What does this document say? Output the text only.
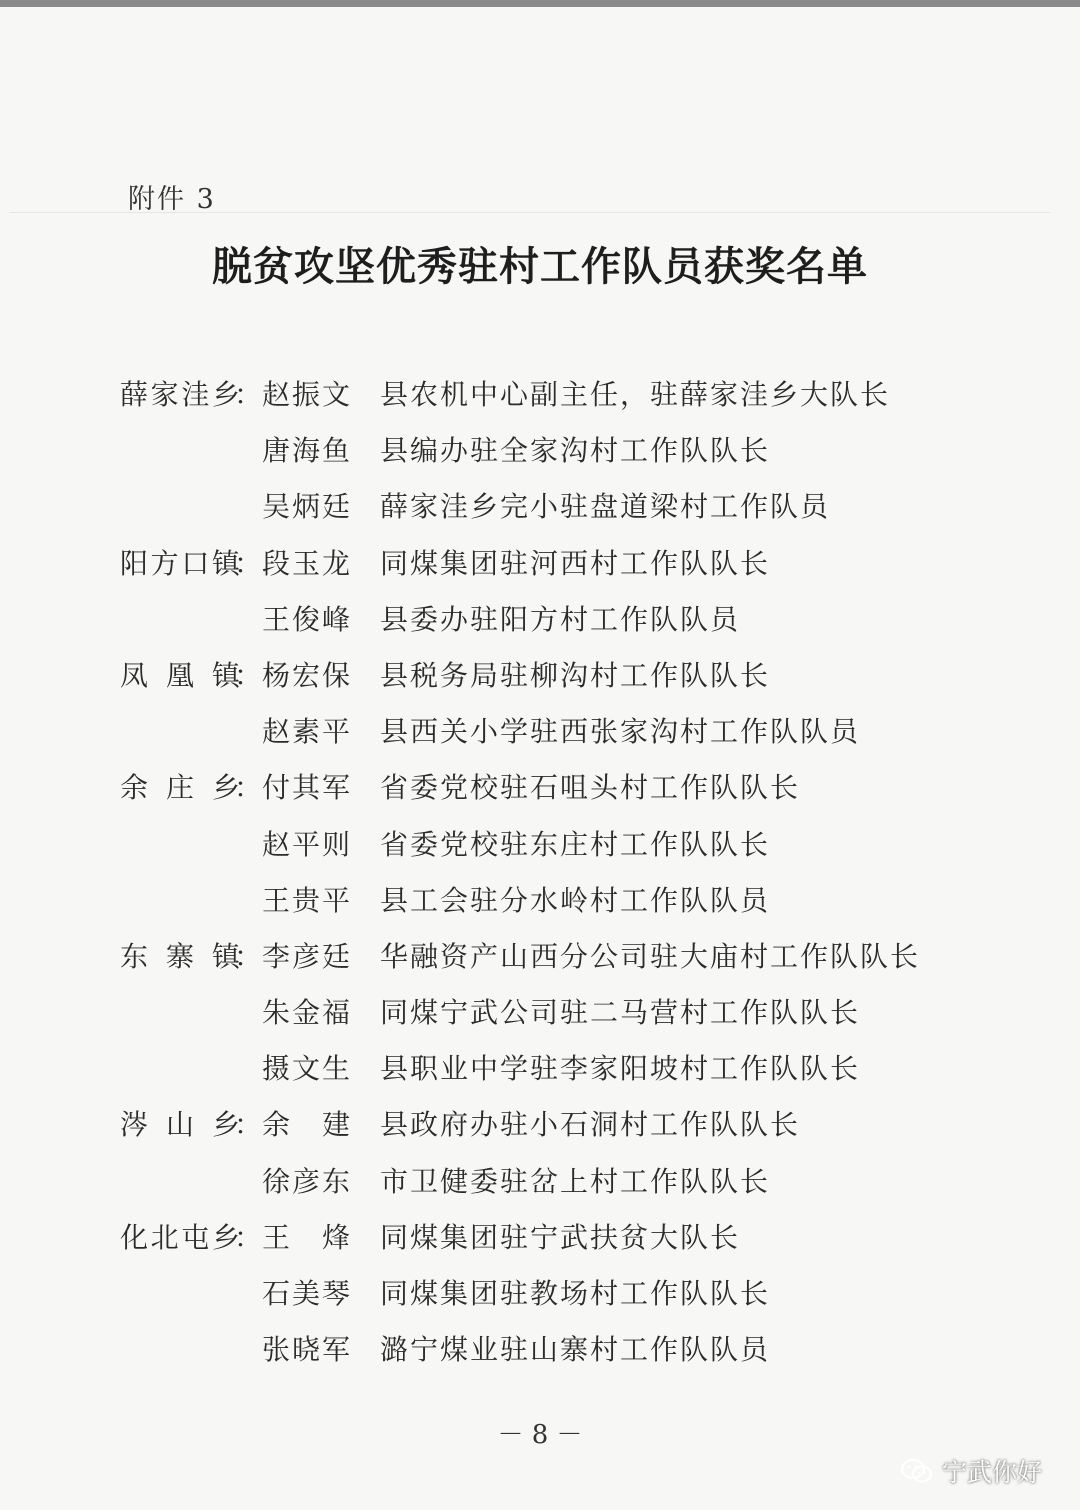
附件 3
脱贫攻坚优秀驻村工作队员获奖名单
薛 家 洼 乡
： 赵 振 文 县农机中心副主任，驻薛家洼乡大队长
唐 海 鱼 县编办驻全家沟村工作队队长
吴 炳 廷 薛家洼乡完小驻盘道梁村工作队员
阳 方 口 镇
： 段 玉 龙 同煤集团驻河西村工作队队长
王 俊 峰 县委办驻阳方村工作队队员
凤 凰 镇
： 杨 宏 保 县税务局驻柳沟村工作队队长
赵 素 平 县西关小学驻西张家沟村工作队队员
余 庄 乡
： 付 其 军 省委党校驻石咀头村工作队队长
赵 平 则 省委党校驻东庄村工作队队长
王 贵 平 县工会驻分水岭村工作队队员
东 寨 镇
： 李 彦 廷 华融资产山西分公司驻大庙村工作队队长
朱 金 福 同煤宁武公司驻二马营村工作队队长
摄 文 生 县职业中学驻李家阳坡村工作队队长
涔 山 乡
： 余 建 县政府办驻小石洞村工作队队长
徐 彦 东 市卫健委驻岔上村工作队队长
化 北 屯 乡
： 王 烽 同煤集团驻宁武扶贫大队长
石 美 琴 同煤集团驻教场村工作队队长
张 晓 军 潞宁煤业驻山寨村工作队队员
－ 8 －
宁武你好
